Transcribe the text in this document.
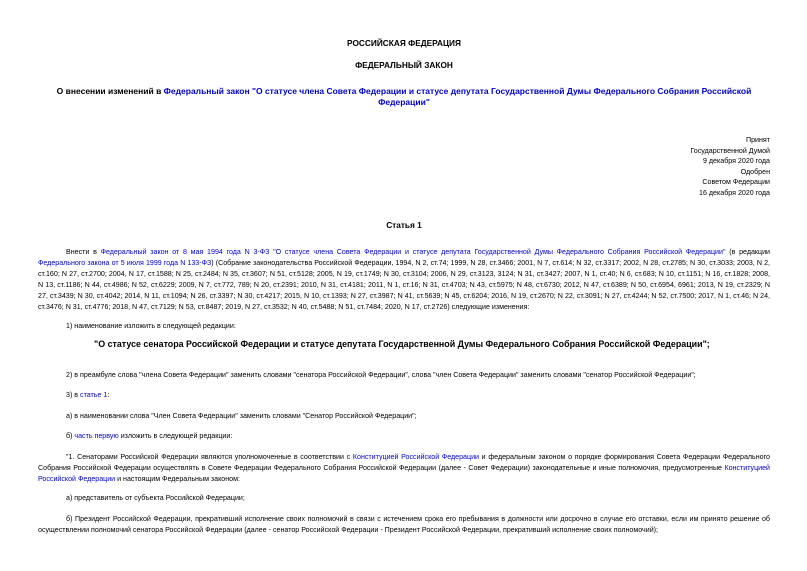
РОССИЙСКАЯ ФЕДЕРАЦИЯ
ФЕДЕРАЛЬНЫЙ ЗАКОН
О внесении изменений в Федеральный закон "О статусе члена Совета Федерации и статусе депутата Государственной Думы Федерального Собрания Российской Федерации"
Принят
Государственной Думой
9 декабря 2020 года
Одобрен
Советом Федерации
16 декабря 2020 года
Статья 1
Внести в Федеральный закон от 8 мая 1994 года N 3-ФЗ "О статусе члена Совета Федерации и статусе депутата Государственной Думы Федерального Собрания Российской Федерации" (в редакции Федерального закона от 5 июля 1999 года N 133-ФЗ) (Собрание законодательства Российской Федерации, 1994, N 2, ст.74; 1999, N 28, ст.3466; 2001, N 7, ст.614; N 32, ст.3317; 2002, N 28, ст.2785; N 30, ст.3033; 2003, N 2, ст.160; N 27, ст.2700; 2004, N 17, ст.1588; N 25, ст.2484; N 35, ст.3607; N 51, ст.5128; 2005, N 19, ст.1749; N 30, ст.3104; 2006, N 29, ст.3123, 3124; N 31, ст.3427; 2007, N 1, ст.40; N 6, ст.683; N 10, ст.1151; N 16, ст.1828; 2008, N 13, ст.1186; N 44, ст.4986; N 52, ст.6229; 2009, N 7, ст.772, 789; N 20, ст.2391; 2010, N 31, ст.4181; 2011, N 1, ст.16; N 31, ст.4703; N 43, ст.5975; N 48, ст.6730; 2012, N 47, ст.6389; N 50, ст.6954, 6961; 2013, N 19, ст.2329; N 27, ст.3439; N 30, ст.4042; 2014, N 11, ст.1094; N 26, ст.3397; N 30, ст.4217; 2015, N 10, ст.1393; N 27, ст.3987; N 41, ст.5639; N 45, ст.6204; 2016, N 19, ст.2670; N 22, ст.3091; N 27, ст.4244; N 52, ст.7500; 2017, N 1, ст.46; N 24, ст.3476; N 31, ст.4776; 2018, N 47, ст.7129; N 53, ст.8487; 2019, N 27, ст.3532; N 40, ст.5488; N 51, ст.7484; 2020, N 17, ст.2726) следующие изменения:
1) наименование изложить в следующей редакции:
"О статусе сенатора Российской Федерации и статусе депутата Государственной Думы Федерального Собрания Российской Федерации";
2) в преамбуле слова "члена Совета Федерации" заменить словами "сенатора Российской Федерации", слова "член Совета Федерации" заменить словами "сенатор Российской Федерации";
3) в статье 1:
а) в наименовании слова "Член Совета Федерации" заменить словами "Сенатор Российской Федерации";
б) часть первую изложить в следующей редакции:
"1. Сенаторами Российской Федерации являются уполномоченные в соответствии с Конституцией Российской Федерации и федеральным законом о порядке формирования Совета Федерации Федерального Собрания Российской Федерации осуществлять в Совете Федерации Федерального Собрания Российской Федерации (далее - Совет Федерации) законодательные и иные полномочия, предусмотренные Конституцией Российской Федерации и настоящим Федеральным законом:
а) представитель от субъекта Российской Федерации;
б) Президент Российской Федерации, прекративший исполнение своих полномочий в связи с истечением срока его пребывания в должности или досрочно в случае его отставки, если им принято решение об осуществлении полномочий сенатора Российской Федерации (далее - сенатор Российской Федерации - Президент Российской Федерации, прекративший исполнение своих полномочий);
